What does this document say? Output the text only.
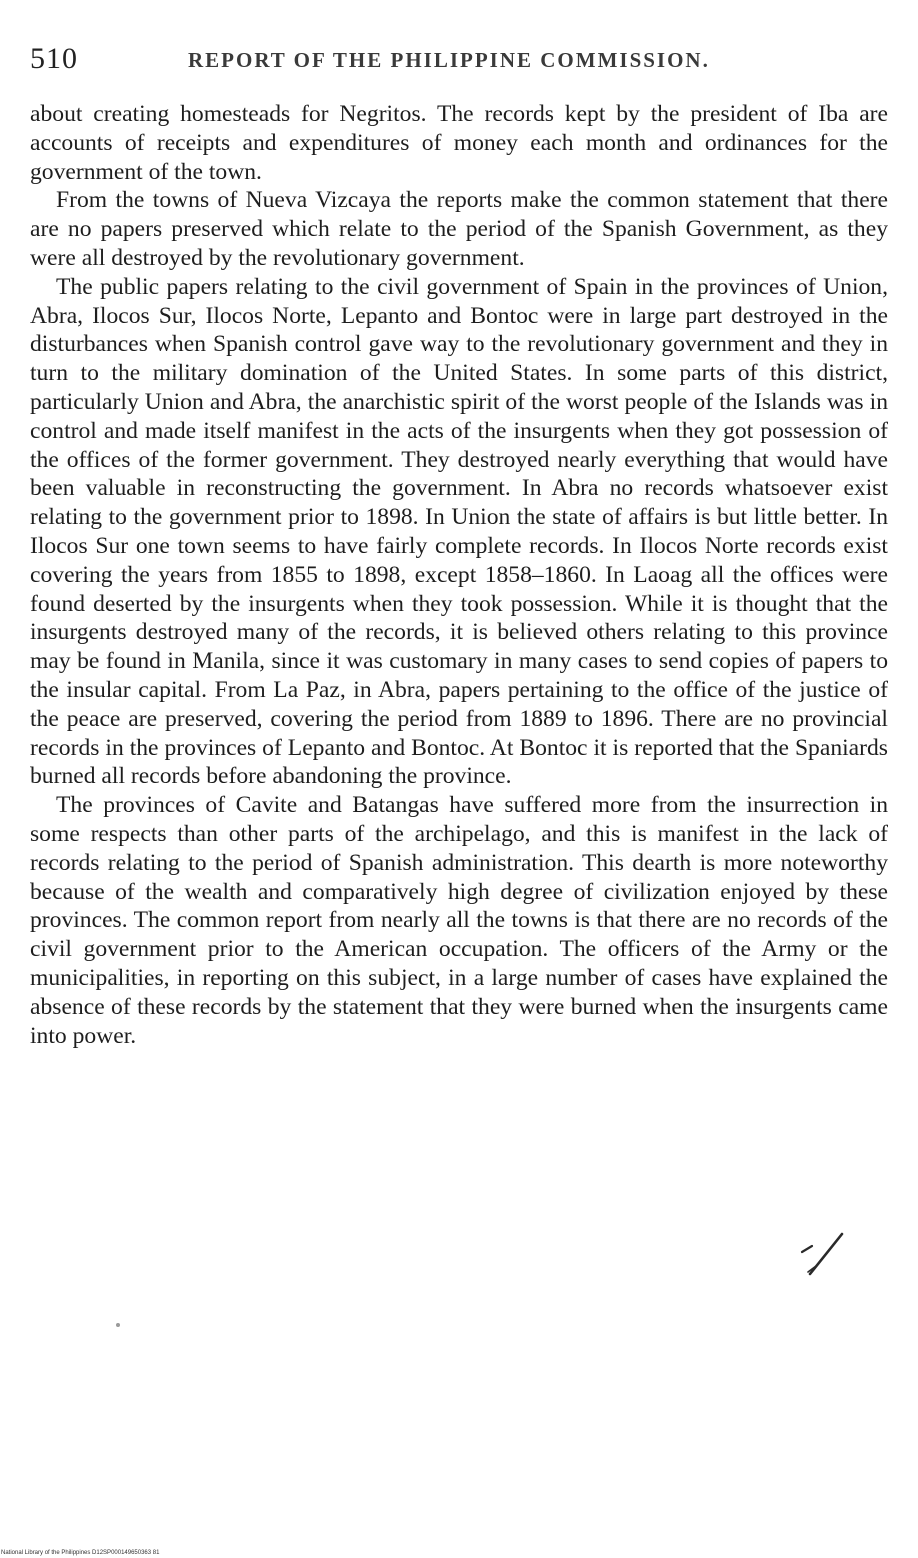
510	REPORT OF THE PHILIPPINE COMMISSION.

about creating homesteads for Negritos. The records kept by the president of Iba are accounts of receipts and expenditures of money each month and ordinances for the government of the town.

From the towns of Nueva Vizcaya the reports make the common statement that there are no papers preserved which relate to the period of the Spanish Government, as they were all destroyed by the revolutionary government.

The public papers relating to the civil government of Spain in the provinces of Union, Abra, Ilocos Sur, Ilocos Norte, Lepanto and Bontoc were in large part destroyed in the disturbances when Spanish control gave way to the revolutionary government and they in turn to the military domination of the United States. In some parts of this district, particularly Union and Abra, the anarchistic spirit of the worst people of the Islands was in control and made itself manifest in the acts of the insurgents when they got possession of the offices of the former government. They destroyed nearly everything that would have been valuable in reconstructing the government. In Abra no records whatsoever exist relating to the government prior to 1898. In Union the state of affairs is but little better. In Ilocos Sur one town seems to have fairly complete records. In Ilocos Norte records exist covering the years from 1855 to 1898, except 1858–1860. In Laoag all the offices were found deserted by the insurgents when they took possession. While it is thought that the insurgents destroyed many of the records, it is believed others relating to this province may be found in Manila, since it was customary in many cases to send copies of papers to the insular capital. From La Paz, in Abra, papers pertaining to the office of the justice of the peace are preserved, covering the period from 1889 to 1896. There are no provincial records in the provinces of Lepanto and Bontoc. At Bontoc it is reported that the Spaniards burned all records before abandoning the province.

The provinces of Cavite and Batangas have suffered more from the insurrection in some respects than other parts of the archipelago, and this is manifest in the lack of records relating to the period of Spanish administration. This dearth is more noteworthy because of the wealth and comparatively high degree of civilization enjoyed by these provinces. The common report from nearly all the towns is that there are no records of the civil government prior to the American occupation. The officers of the Army or the municipalities, in reporting on this subject, in a large number of cases have explained the absence of these records by the statement that they were burned when the insurgents came into power.

National Library of the Philippines D12SP000149650363 81
